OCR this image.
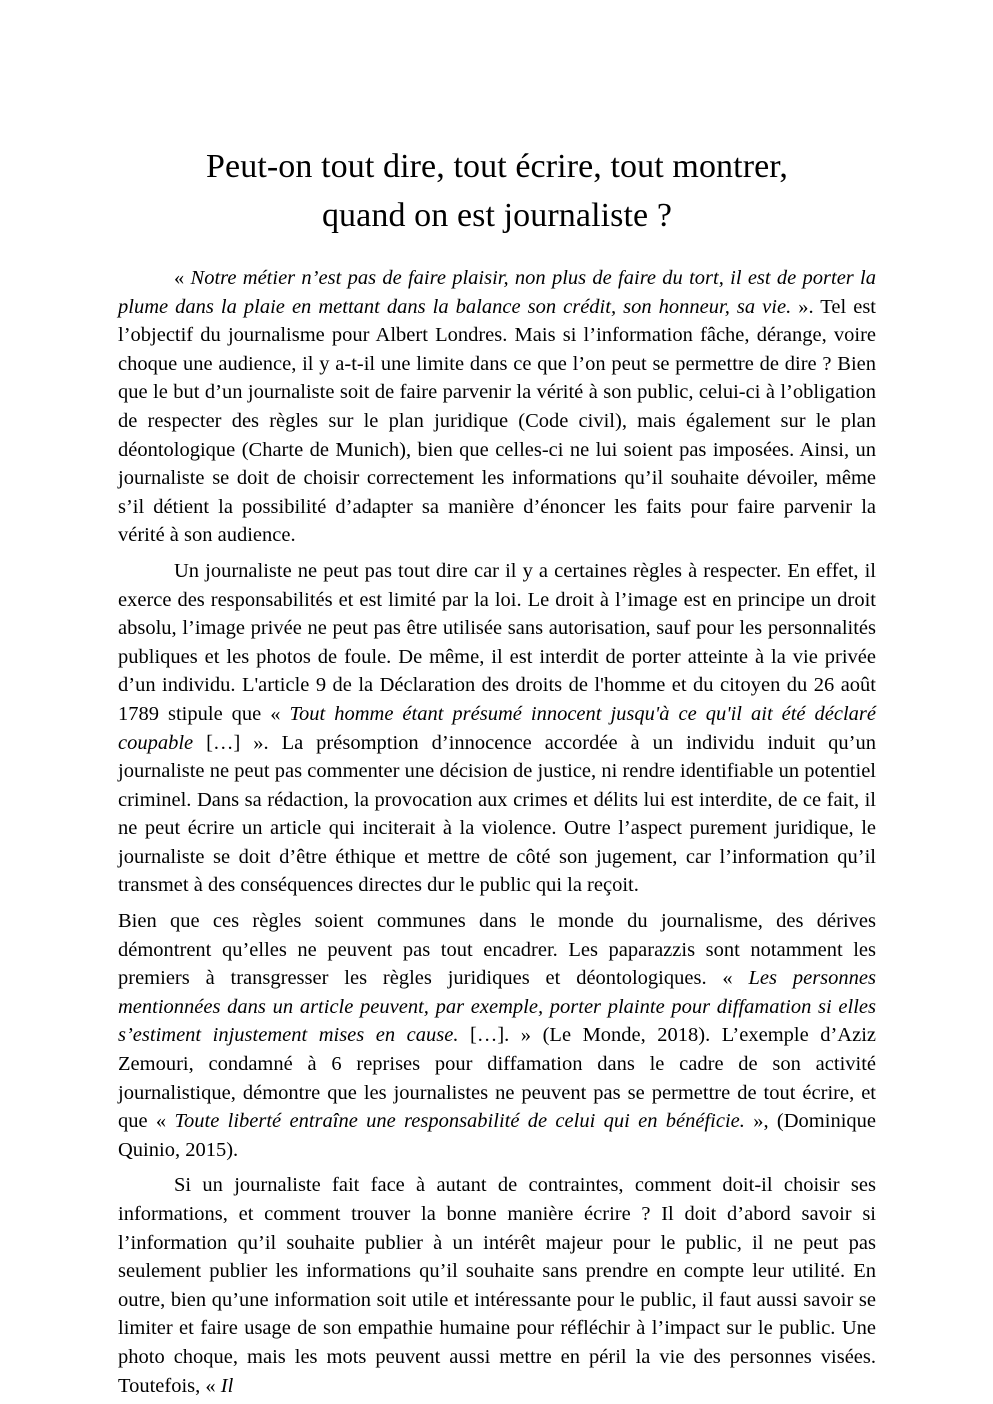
Peut-on tout dire, tout écrire, tout montrer,
quand on est journaliste ?

« Notre métier n’est pas de faire plaisir, non plus de faire du tort, il est de porter la plume dans la plaie en mettant dans la balance son crédit, son honneur, sa vie. ». Tel est l’objectif du journalisme pour Albert Londres. Mais si l’information fâche, dérange, voire choque une audience, il y a-t-il une limite dans ce que l’on peut se permettre de dire ? Bien que le but d’un journaliste soit de faire parvenir la vérité à son public, celui-ci à l’obligation de respecter des règles sur le plan juridique (Code civil), mais également sur le plan déontologique (Charte de Munich), bien que celles-ci ne lui soient pas imposées. Ainsi, un journaliste se doit de choisir correctement les informations qu’il souhaite dévoiler, même s’il détient la possibilité d’adapter sa manière d’énoncer les faits pour faire parvenir la vérité à son audience.

Un journaliste ne peut pas tout dire car il y a certaines règles à respecter. En effet, il exerce des responsabilités et est limité par la loi. Le droit à l’image est en principe un droit absolu, l’image privée ne peut pas être utilisée sans autorisation, sauf pour les personnalités publiques et les photos de foule. De même, il est interdit de porter atteinte à la vie privée d’un individu. L'article 9 de la Déclaration des droits de l'homme et du citoyen du 26 août 1789 stipule que « Tout homme étant présumé innocent jusqu'à ce qu'il ait été déclaré coupable […] ». La présomption d’innocence accordée à un individu induit qu’un journaliste ne peut pas commenter une décision de justice, ni rendre identifiable un potentiel criminel. Dans sa rédaction, la provocation aux crimes et délits lui est interdite, de ce fait, il ne peut écrire un article qui inciterait à la violence. Outre l’aspect purement juridique, le journaliste se doit d’être éthique et mettre de côté son jugement, car l’information qu’il transmet à des conséquences directes dur le public qui la reçoit.

Bien que ces règles soient communes dans le monde du journalisme, des dérives démontrent qu’elles ne peuvent pas tout encadrer. Les paparazzis sont notamment les premiers à transgresser les règles juridiques et déontologiques. « Les personnes mentionnées dans un article peuvent, par exemple, porter plainte pour diffamation si elles s’estiment injustement mises en cause. […]. » (Le Monde, 2018). L’exemple d’Aziz Zemouri, condamné à 6 reprises pour diffamation dans le cadre de son activité journalistique, démontre que les journalistes ne peuvent pas se permettre de tout écrire, et que « Toute liberté entraîne une responsabilité de celui qui en bénéficie. », (Dominique Quinio, 2015).

Si un journaliste fait face à autant de contraintes, comment doit-il choisir ses informations, et comment trouver la bonne manière écrire ? Il doit d’abord savoir si l’information qu’il souhaite publier à un intérêt majeur pour le public, il ne peut pas seulement publier les informations qu’il souhaite sans prendre en compte leur utilité. En outre, bien qu’une information soit utile et intéressante pour le public, il faut aussi savoir se limiter et faire usage de son empathie humaine pour réfléchir à l’impact sur le public. Une photo choque, mais les mots peuvent aussi mettre en péril la vie des personnes visées. Toutefois, « Il
